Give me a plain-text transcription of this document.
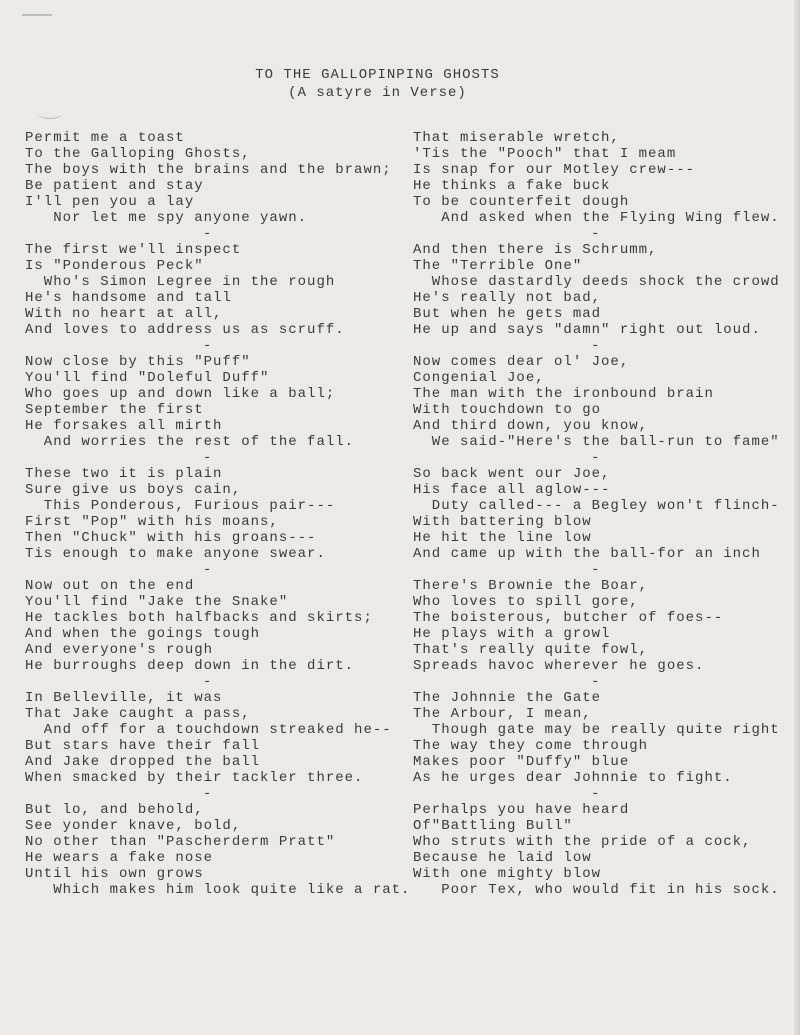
TO THE GALLOPINPING GHOSTS
(A satyre in Verse)
Permit me a toast
To the Galloping Ghosts,
The boys with the brains and the brawn;
Be patient and stay
I'll pen you a lay
Nor let me spy anyone yawn.
-
The first we'll inspect
Is "Ponderous Peck"
Who's Simon Legree in the rough
He's handsome and tall
With no heart at all,
And loves to address us as scruff.
-
Now close by this "Puff"
You'll find "Doleful Duff"
Who goes up and down like a ball;
September the first
He forsakes all mirth
And worries the rest of the fall.
-
These two it is plain
Sure give us boys cain,
This Ponderous, Furious pair---
First "Pop" with his moans,
Then "Chuck" with his groans---
Tis enough to make anyone swear.
-
Now out on the end
You'll find "Jake the Snake"
He tackles both halfbacks and skirts;
And when the goings tough
And everyone's rough
He burroughs deep down in the dirt.
-
In Belleville, it was
That Jake caught a pass,
And off for a touchdown streaked he--
But stars have their fall
And Jake dropped the ball
When smacked by their tackler three.
-
But lo, and behold,
See yonder knave, bold,
No other than "Pascherderm Pratt"
He wears a fake nose
Until his own grows
Which makes him look quite like a rat.
That miserable wretch,
'Tis the "Pooch" that I meam
Is snap for our Motley crew---
He thinks a fake buck
To be counterfeit dough
And asked when the Flying Wing flew.
-
And then there is Schrumm,
The "Terrible One"
Whose dastardly deeds shock the crowd
He's really not bad,
But when he gets mad
He up and says "damn" right out loud.
-
Now comes dear ol' Joe,
Congenial Joe,
The man with the ironbound brain
With touchdown to go
And third down, you know,
We said-"Here's the ball-run to fame"
-
So back went our Joe,
His face all aglow---
Duty called--- a Begley won't flinch-
With battering blow
He hit the line low
And came up with the ball-for an inch
-
There's Brownie the Boar,
Who loves to spill gore,
The boisterous, butcher of foes--
He plays with a growl
That's really quite fowl,
Spreads havoc wherever he goes.
-
The Johnnie the Gate
The Arbour, I mean,
Though gate may be really quite right
The way they come through
Makes poor "Duffy" blue
As he urges dear Johnnie to fight.
-
Perhalps you have heard
Of"Battling Bull"
Who struts with the pride of a cock,
Because he laid low
With one mighty blow
Poor Tex, who would fit in his sock.
